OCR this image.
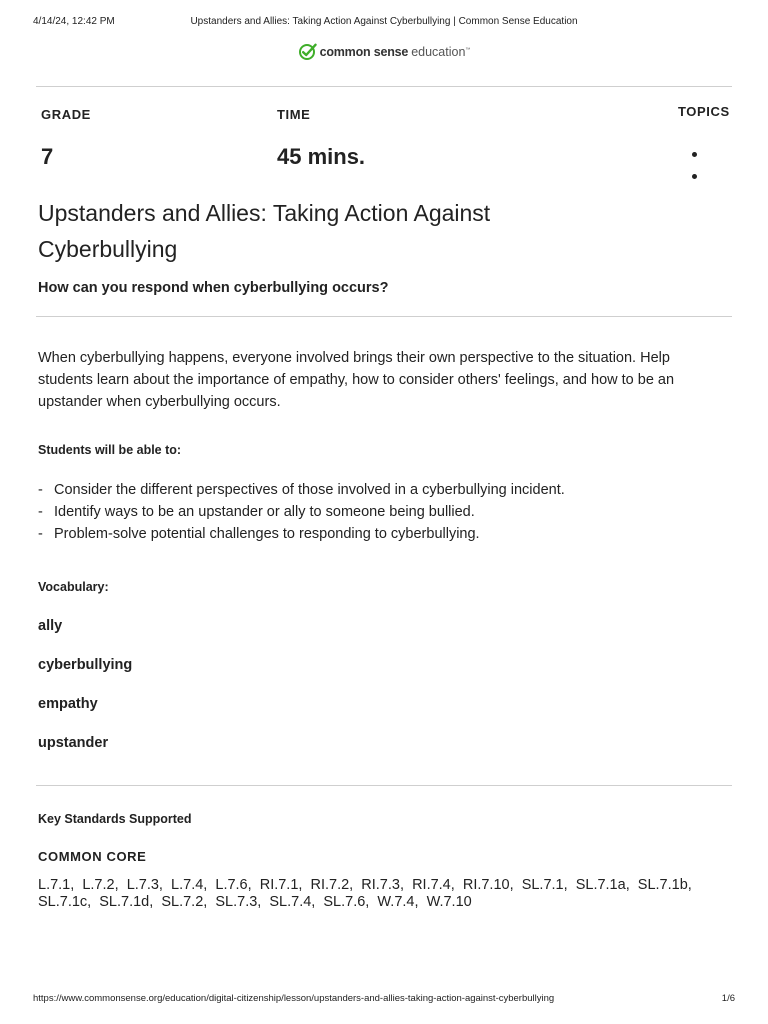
4/14/24, 12:42 PM	Upstanders and Allies: Taking Action Against Cyberbullying | Common Sense Education
common sense education™
GRADE
7
TIME
45 mins.
TOPICS
Upstanders and Allies: Taking Action Against
Cyberbullying
How can you respond when cyberbullying occurs?
When cyberbullying happens, everyone involved brings their own perspective to the situation. Help
students learn about the importance of empathy, how to consider others' feelings, and how to be an
upstander when cyberbullying occurs.
Students will be able to:
- Consider the different perspectives of those involved in a cyberbullying incident.
- Identify ways to be an upstander or ally to someone being bullied.
- Problem-solve potential challenges to responding to cyberbullying.
Vocabulary:
ally
cyberbullying
empathy
upstander
Key Standards Supported
COMMON CORE
L.7.1, L.7.2, L.7.3, L.7.4, L.7.6, RI.7.1, RI.7.2, RI.7.3, RI.7.4, RI.7.10, SL.7.1, SL.7.1a, SL.7.1b,  SL.7.1c, SL.7.1d, SL.7.2, SL.7.3, SL.7.4, SL.7.6, W.7.4, W.7.10
https://www.commonsense.org/education/digital-citizenship/lesson/upstanders-and-allies-taking-action-against-cyberbullying	1/6
